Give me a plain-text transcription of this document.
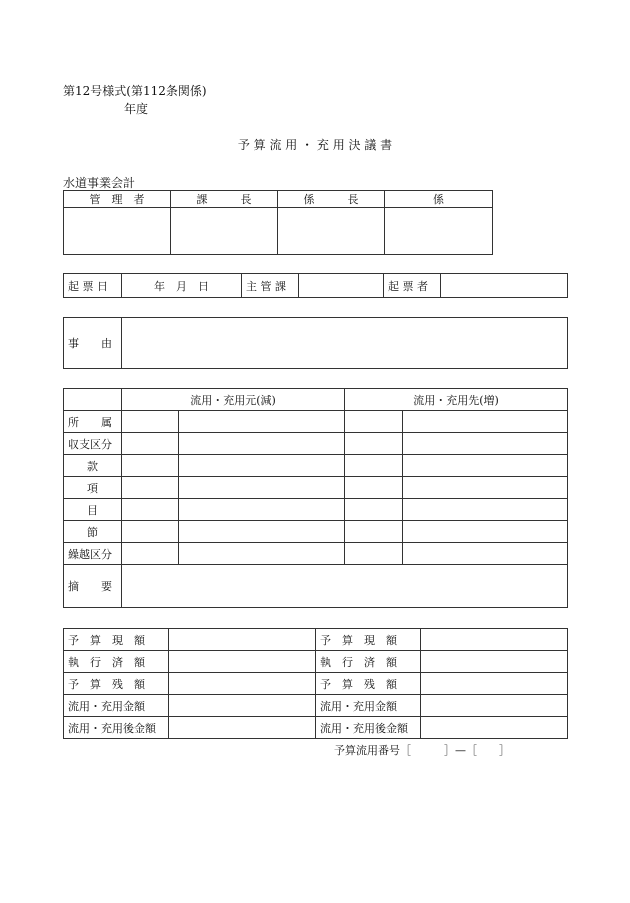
第12号様式(第112条関係)
年度
予 算 流 用 ・ 充 用 決 議 書
水道事業会計
管　理　者	課　　　長	係　　　長	係

起 票 日	年　月　日	主 管 課		起 票 者	
事　　由	
	流用・充用元(減)		流用・充用先(増)	
所　　属				
収支区分				
款				
項				
目				
節				
繰越区分				
摘　　要				
予　算　現　額		予　算　現　額	
執　行　済　額		執　行　済　額	
予　算　残　額		予　算　残　額	
流用・充用金額		流用・充用金額	
流用・充用後金額		流用・充用後金額	
予算流用番号［　　　］—［　　］
